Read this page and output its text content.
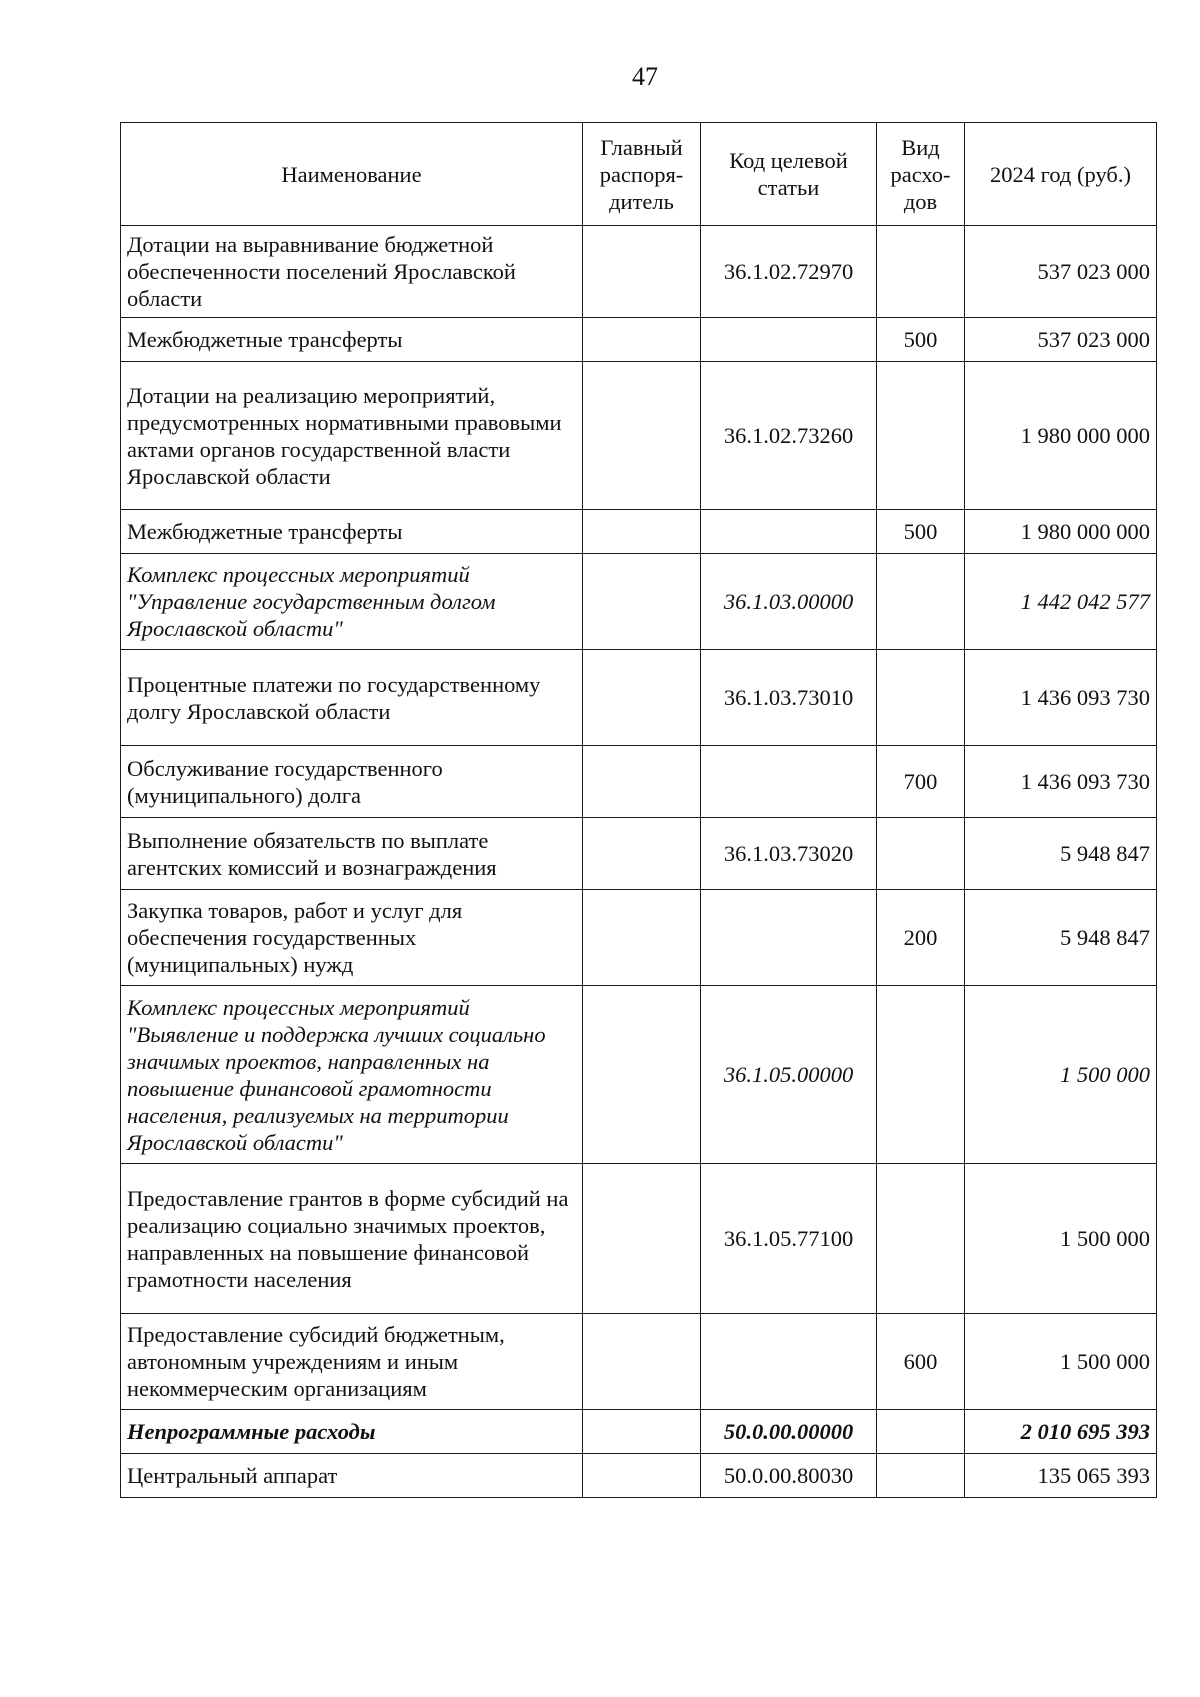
47
Наименование	Главный распоря-дитель	Код целевой статьи	Вид расхо-дов	2024 год (руб.)
Дотации на выравнивание бюджетной обеспеченности поселений Ярославской области		36.1.02.72970		537 023 000
Межбюджетные трансферты			500	537 023 000
Дотации на реализацию мероприятий, предусмотренных нормативными правовыми актами органов государственной власти Ярославской области		36.1.02.73260		1 980 000 000
Межбюджетные трансферты			500	1 980 000 000
Комплекс процессных мероприятий "Управление государственным долгом Ярославской области"		36.1.03.00000		1 442 042 577
Процентные платежи по государственному долгу Ярославской области		36.1.03.73010		1 436 093 730
Обслуживание государственного (муниципального) долга			700	1 436 093 730
Выполнение обязательств по выплате агентских комиссий и вознаграждения		36.1.03.73020		5 948 847
Закупка товаров, работ и услуг для обеспечения государственных (муниципальных) нужд			200	5 948 847
Комплекс процессных мероприятий "Выявление и поддержка лучших социально значимых проектов, направленных на повышение финансовой грамотности населения, реализуемых на территории Ярославской области"		36.1.05.00000		1 500 000
Предоставление грантов в форме субсидий на реализацию социально значимых проектов, направленных на повышение финансовой грамотности населения		36.1.05.77100		1 500 000
Предоставление субсидий бюджетным, автономным учреждениям и иным некоммерческим организациям			600	1 500 000
Непрограммные расходы		50.0.00.00000		2 010 695 393
Центральный аппарат		50.0.00.80030		135 065 393
